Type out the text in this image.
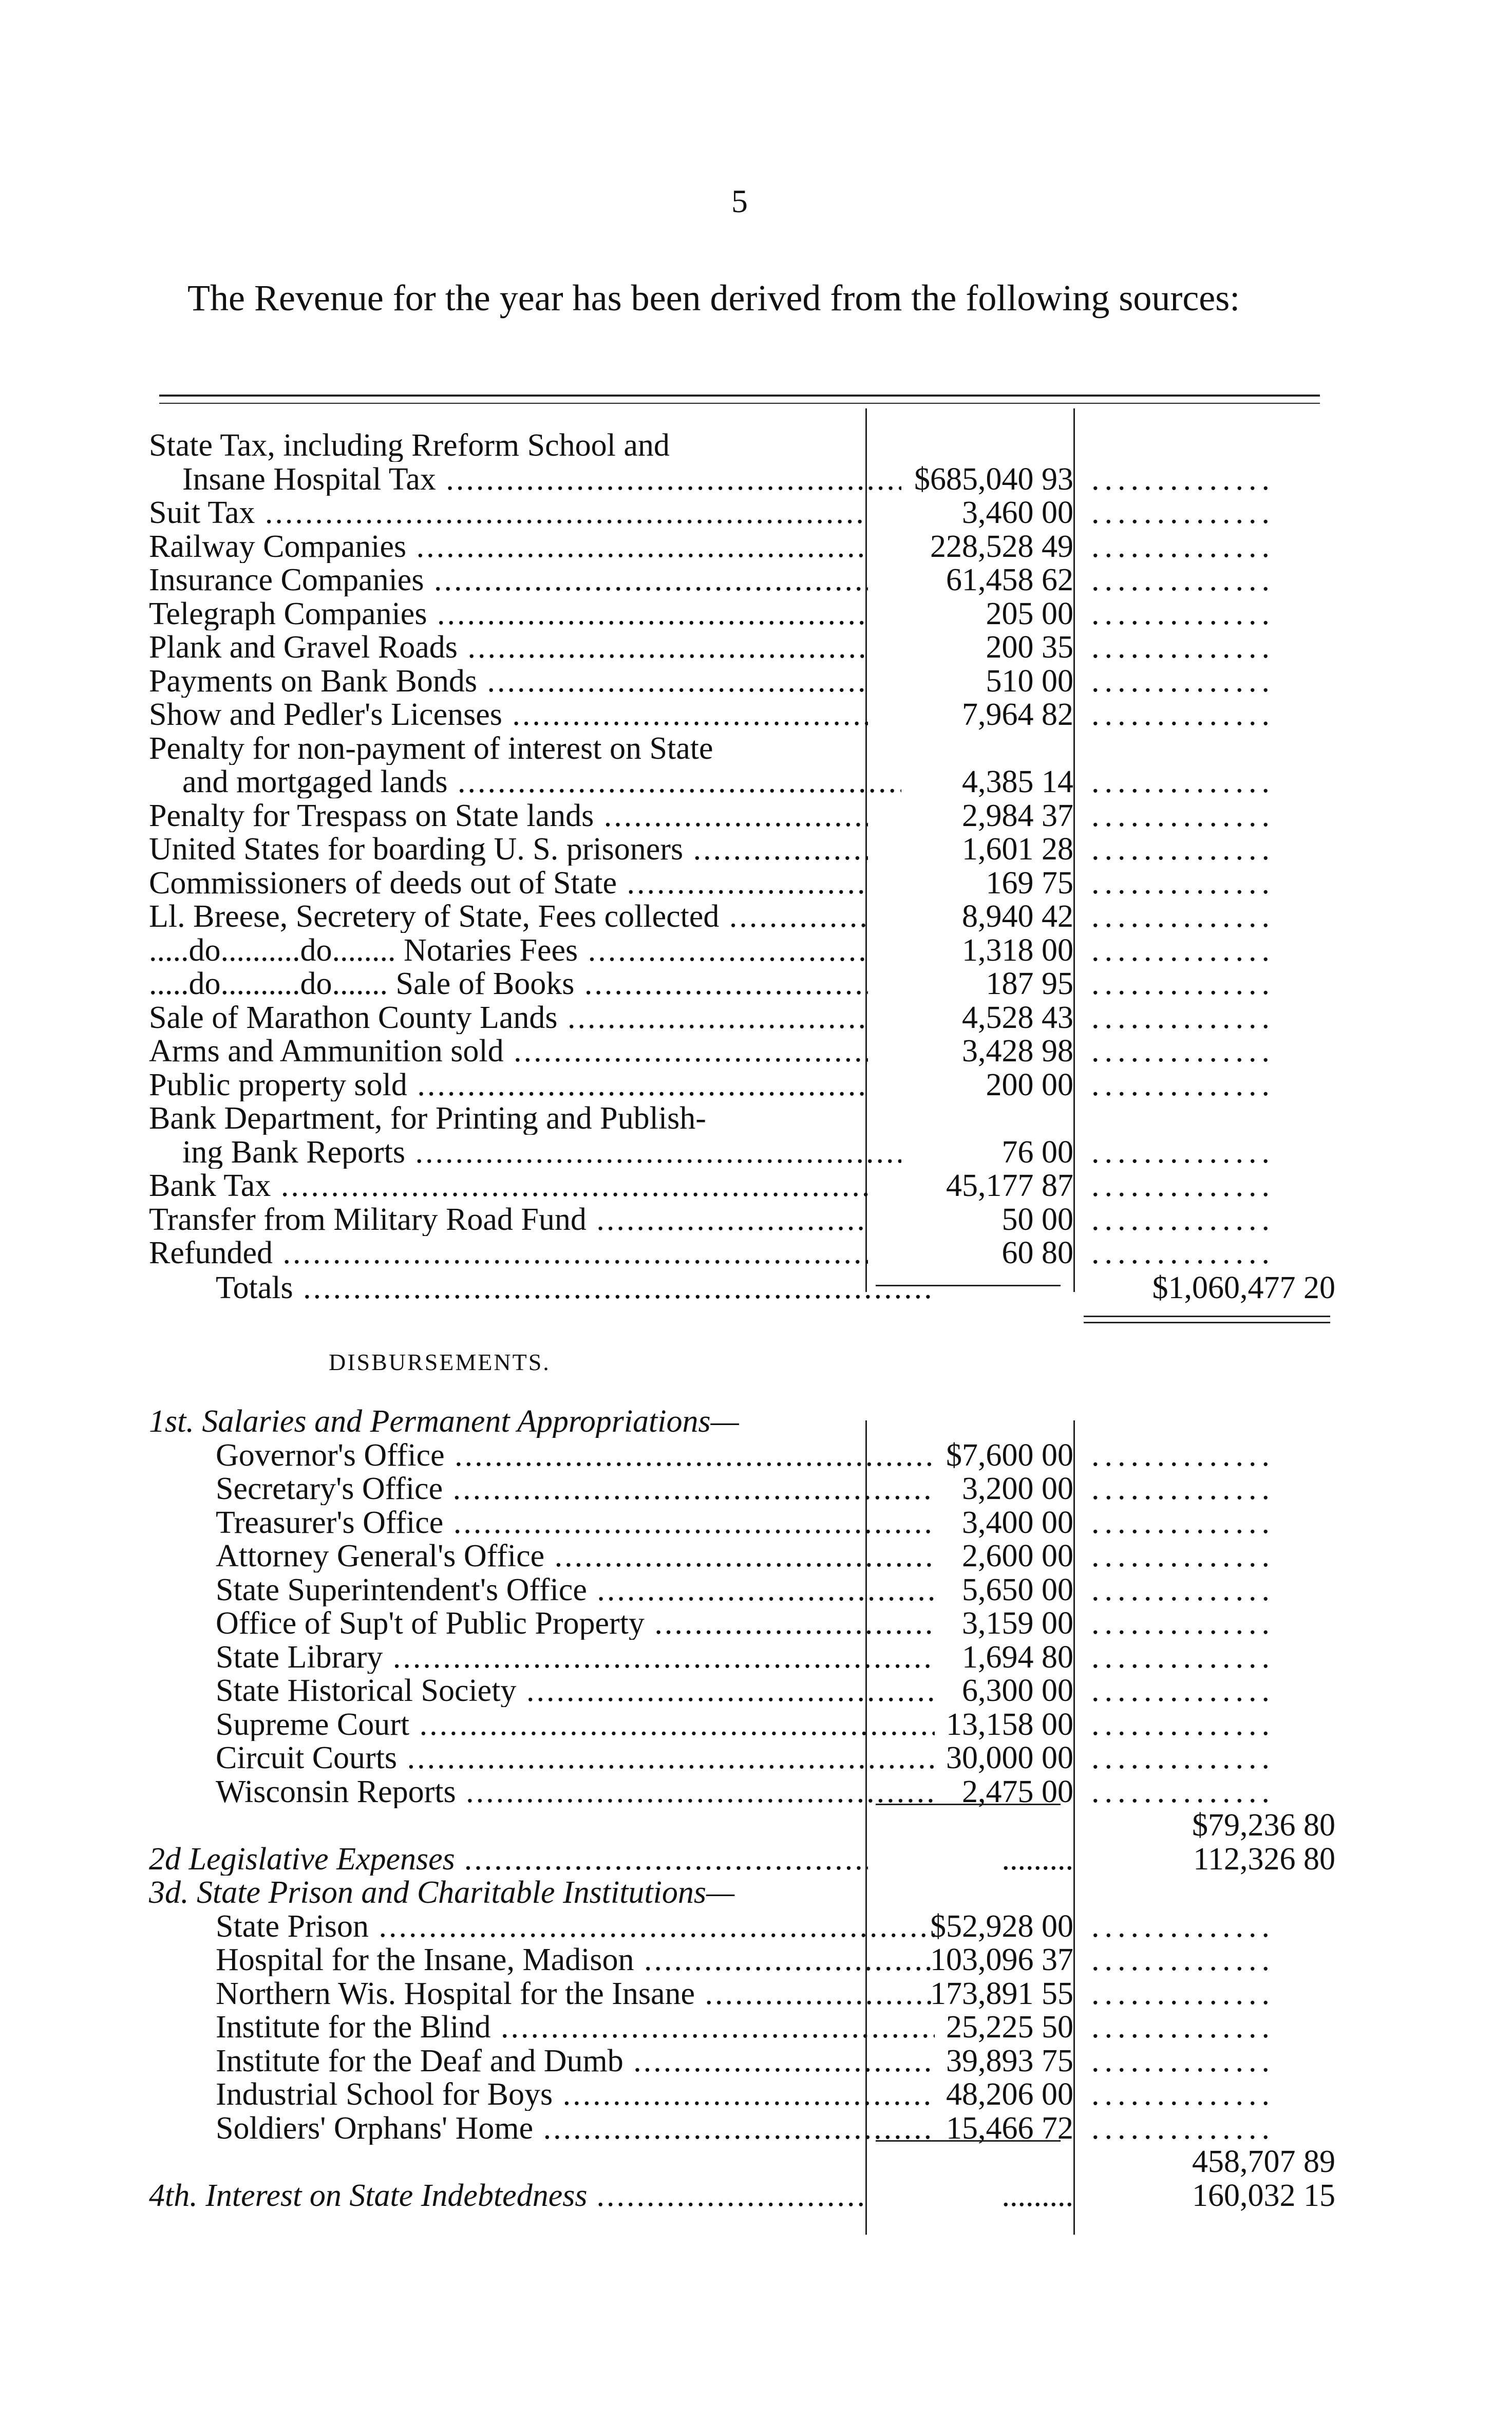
5
The Revenue for the year has been derived from the following sources:
State Tax, including Rreform School and
Insane Hospital Tax .....	$685,040 93 ..............
Suit Tax .....	3,460 00 ..............
Railway Companies .....	228,528 49 ..............
Insurance Companies .....	61,458 62 ..............
Telegraph Companies .....	205 00 ..............
Plank and Gravel Roads .....	200 35 ..............
Payments on Bank Bonds .....	510 00 ..............
Show and Pedler's Licenses .....	7,964 82 ..............
Penalty for non-payment of interest on State
and mortgaged lands .....	4,385 14 ..............
Penalty for Trespass on State lands .....	2,984 37 ..............
United States for boarding U. S. prisoners .....	1,601 28 ..............
Commissioners of deeds out of State .....	169 75 ..............
Ll. Breese, Secretery of State, Fees collected .....	8,940 42 ..............
.....do..........do........ Notaries Fees .....	1,318 00 ..............
.....do..........do....... Sale of Books .....	187 95 ..............
Sale of Marathon County Lands .....	4,528 43 ..............
Arms and Ammunition sold .....	3,428 98 ..............
Public property sold .....	200 00 ..............
Bank Department, for Printing and Publish-
ing Bank Reports .....	76 00 ..............
Bank Tax .....	45,177 87 ..............
Transfer from Military Road Fund .....	50 00 ..............
Refunded .....	60 80 ..............
Totals .....	$1,060,477 20
DISBURSEMENTS.
1st. Salaries and Permanent Appropriations—
Governor's Office .....	$7,600 00 ..............
Secretary's Office .....	3,200 00 ..............
Treasurer's Office .....	3,400 00 ..............
Attorney General's Office .....	2,600 00 ..............
State Superintendent's Office .....	5,650 00 ..............
Office of Sup't of Public Property .....	3,159 00 ..............
State Library .....	1,694 80 ..............
State Historical Society .....	6,300 00 ..............
Supreme Court .....	13,158 00 ..............
Circuit Courts .....	30,000 00 ..............
Wisconsin Reports .....	2,475 00 ..............
$79,236 80
2d Legislative Expenses .....	.........	112,326 80
3d. State Prison and Charitable Institutions—
State Prison .....	$52,928 00 ..............
Hospital for the Insane, Madison .....	103,096 37 ..............
Northern Wis. Hospital for the Insane .....	173,891 55 ..............
Institute for the Blind .....	25,225 50 ..............
Institute for the Deaf and Dumb .....	39,893 75 ..............
Industrial School for Boys .....	48,206 00 ..............
Soldiers' Orphans' Home .....	15,466 72 ..............
458,707 89
4th. Interest on State Indebtedness .....	.........	160,032 15
